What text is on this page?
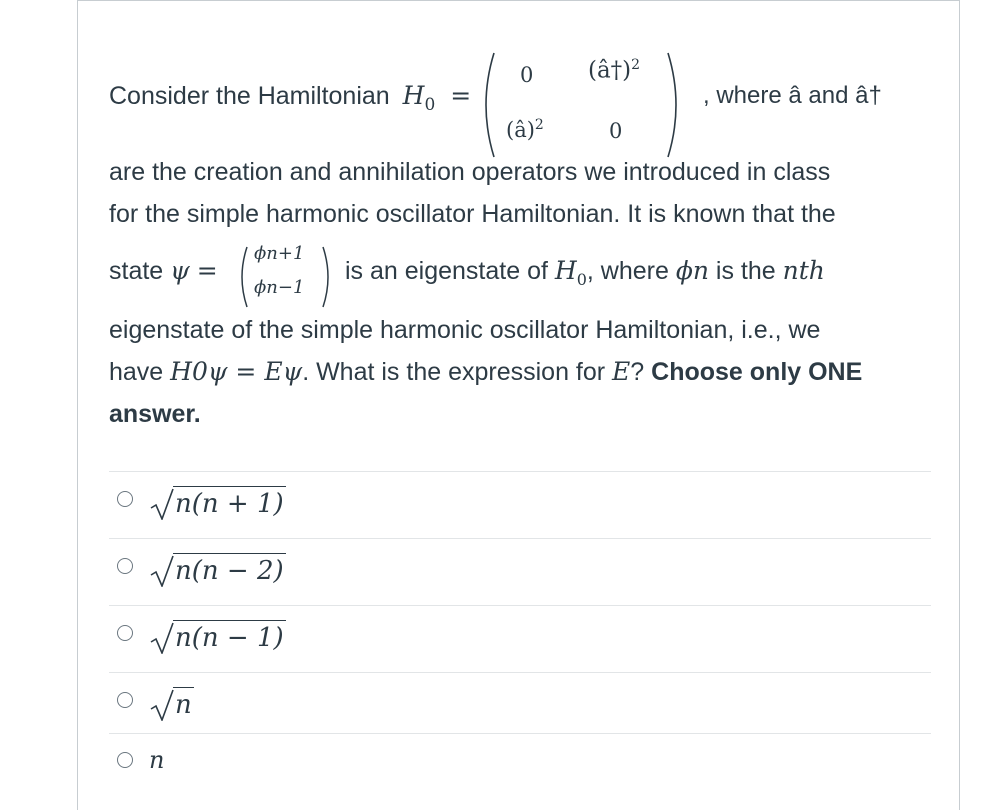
Consider the Hamiltonian $H_0$ =
0 (â†)$^2$
(â)$^2$	0
, where â and â†
are the creation and annihilation operators we introduced in class
for the simple harmonic oscillator Hamiltonian. It is known that the
state ψ =
ϕn+1
ϕn−1
is an eigenstate of $H_0$, where ϕn is the nth
eigenstate of the simple harmonic oscillator Hamiltonian, i.e., we
have H0ψ = Eψ. What is the expression for E? Choose only ONE
answer.
n(n + 1)
n(n − 2)
n(n − 1)
n
n
